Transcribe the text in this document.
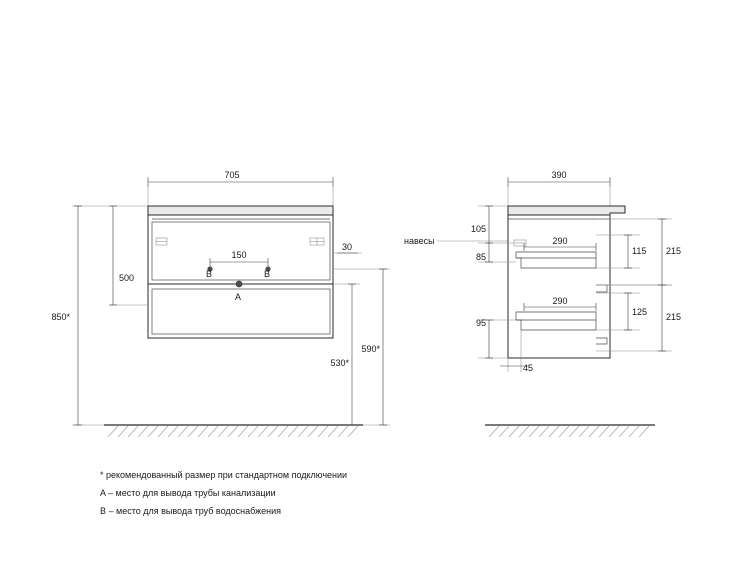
705
150
B	B
A
30
500
850*
530*
590*
навесы
390
105
85
95
290
290
115 215
125 215
45
* рекомендованный размер при стандартном подключении
A – место для вывода трубы канализации
B – место для вывода труб водоснабжения
